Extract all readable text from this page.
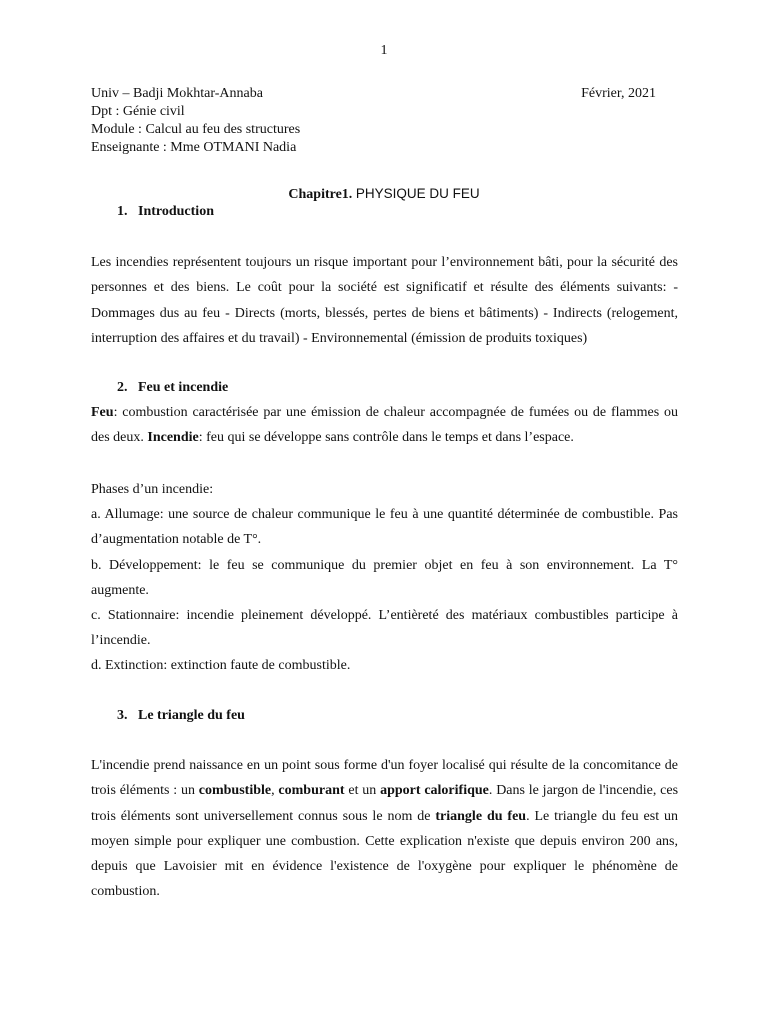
1
Univ – Badji Mokhtar-Annaba	Février, 2021
Dpt : Génie civil
Module : Calcul au feu des structures
Enseignante : Mme OTMANI Nadia
Chapitre1. PHYSIQUE DU FEU
1. Introduction

Les incendies représentent toujours un risque important pour l’environnement bâti, pour la sécurité des personnes et des biens. Le coût pour la société est significatif et résulte des éléments suivants: - Dommages dus au feu - Directs (morts, blessés, pertes de biens et bâtiments) - Indirects (relogement, interruption des affaires et du travail) - Environnemental (émission de produits toxiques)

2. Feu et incendie

Feu: combustion caractérisée par une émission de chaleur accompagnée de fumées ou de flammes ou des deux. Incendie: feu qui se développe sans contrôle dans le temps et dans l’espace.

Phases d’un incendie:

a. Allumage: une source de chaleur communique le feu à une quantité déterminée de combustible. Pas d’augmentation notable de T°.

b. Développement: le feu se communique du premier objet en feu à son environnement. La T° augmente.

c. Stationnaire: incendie pleinement développé. L’entièreté des matériaux combustibles participe à l’incendie.

d. Extinction: extinction faute de combustible.

3. Le triangle du feu

L'incendie prend naissance en un point sous forme d'un foyer localisé qui résulte de la concomitance de trois éléments : un combustible, comburant et un apport calorifique. Dans le jargon de l'incendie, ces trois éléments sont universellement connus sous le nom de triangle du feu. Le triangle du feu est un moyen simple pour expliquer une combustion. Cette explication n'existe que depuis environ 200 ans, depuis que Lavoisier mit en évidence l'existence de l'oxygène pour expliquer le phénomène de combustion.
